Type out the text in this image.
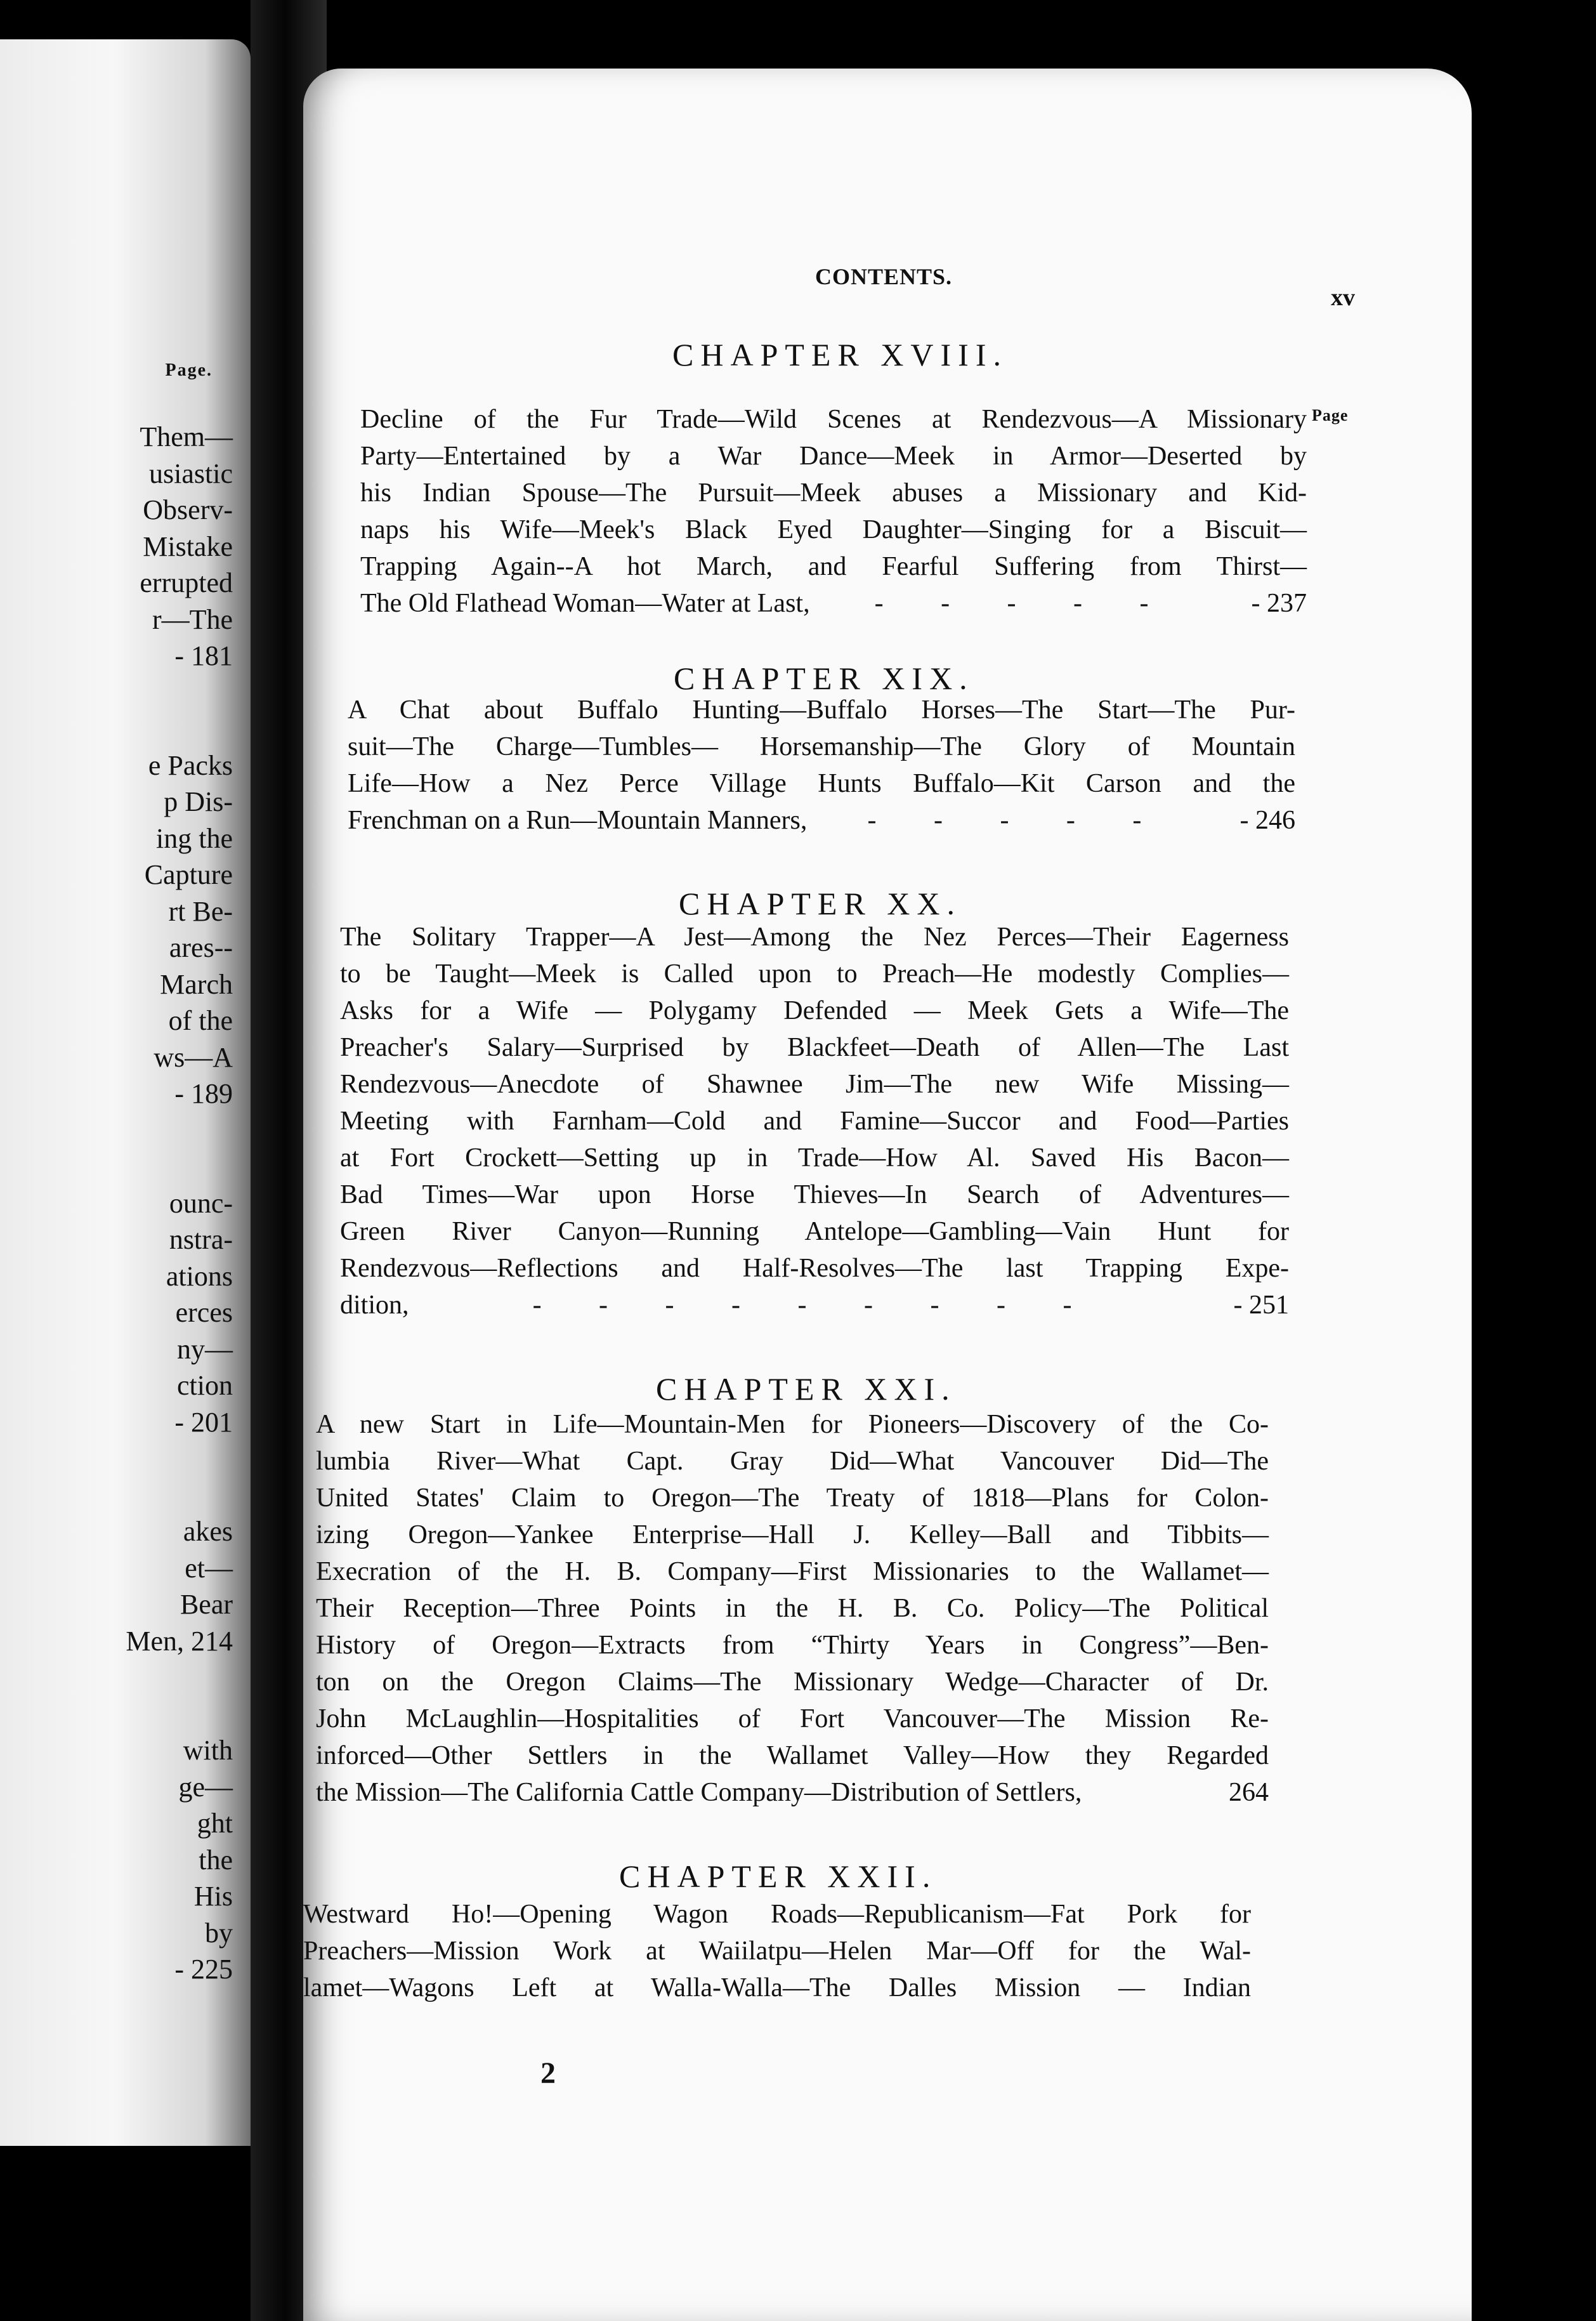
Page.
Them—
usiastic
Observ-
Mistake
errupted
r—The
- 181
e Packs
p Dis-
ing the
Capture
rt Be-
ares--
March
of the
ws—A
- 189
ounc-
nstra-
ations
erces
ny—
ction
- 201
akes
et—
Bear
Men, 214
with
ge—
ght
the
His
by
- 225
CONTENTS.
xv
Page
CHAPTER XVIII.
Decline of the Fur Trade—Wild Scenes at Rendezvous—A Missionary
Party—Entertained by a War Dance—Meek in Armor—Deserted by
his Indian Spouse—The Pursuit—Meek abuses a Missionary and Kid-
naps his Wife—Meek's Black Eyed Daughter—Singing for a Biscuit—
Trapping Again--A hot March, and Fearful Suffering from Thirst—
The Old Flathead Woman—Water at Last,	- - - - -	- 237
CHAPTER XIX.
A Chat about Buffalo Hunting—Buffalo Horses—The Start—The Pur-
suit—The Charge—Tumbles— Horsemanship—The Glory of Mountain
Life—How a Nez Perce Village Hunts Buffalo—Kit Carson and the
Frenchman on a Run—Mountain Manners,	- - - - -	- 246
CHAPTER XX.
The Solitary Trapper—A Jest—Among the Nez Perces—Their Eagerness
to be Taught—Meek is Called upon to Preach—He modestly Complies—
Asks for a Wife — Polygamy Defended — Meek Gets a Wife—The
Preacher's Salary—Surprised by Blackfeet—Death of Allen—The Last
Rendezvous—Anecdote of Shawnee Jim—The new Wife Missing—
Meeting with Farnham—Cold and Famine—Succor and Food—Parties
at Fort Crockett—Setting up in Trade—How Al. Saved His Bacon—
Bad Times—War upon Horse Thieves—In Search of Adventures—
Green River Canyon—Running Antelope—Gambling—Vain Hunt for
Rendezvous—Reflections and Half-Resolves—The last Trapping Expe-
dition,	- - - - - - - - -	- 251
CHAPTER XXI.
A new Start in Life—Mountain-Men for Pioneers—Discovery of the Co-
lumbia River—What Capt. Gray Did—What Vancouver Did—The
United States' Claim to Oregon—The Treaty of 1818—Plans for Colon-
izing Oregon—Yankee Enterprise—Hall J. Kelley—Ball and Tibbits—
Execration of the H. B. Company—First Missionaries to the Wallamet—
Their Reception—Three Points in the H. B. Co. Policy—The Political
History of Oregon—Extracts from “Thirty Years in Congress”—Ben-
ton on the Oregon Claims—The Missionary Wedge—Character of Dr.
John McLaughlin—Hospitalities of Fort Vancouver—The Mission Re-
inforced—Other Settlers in the Wallamet Valley—How they Regarded
the Mission—The California Cattle Company—Distribution of Settlers,	264
CHAPTER XXII.
Westward Ho!—Opening Wagon Roads—Republicanism—Fat Pork for
Preachers—Mission Work at Waiilatpu—Helen Mar—Off for the Wal-
lamet—Wagons Left at Walla-Walla—The Dalles Mission — Indian
2
